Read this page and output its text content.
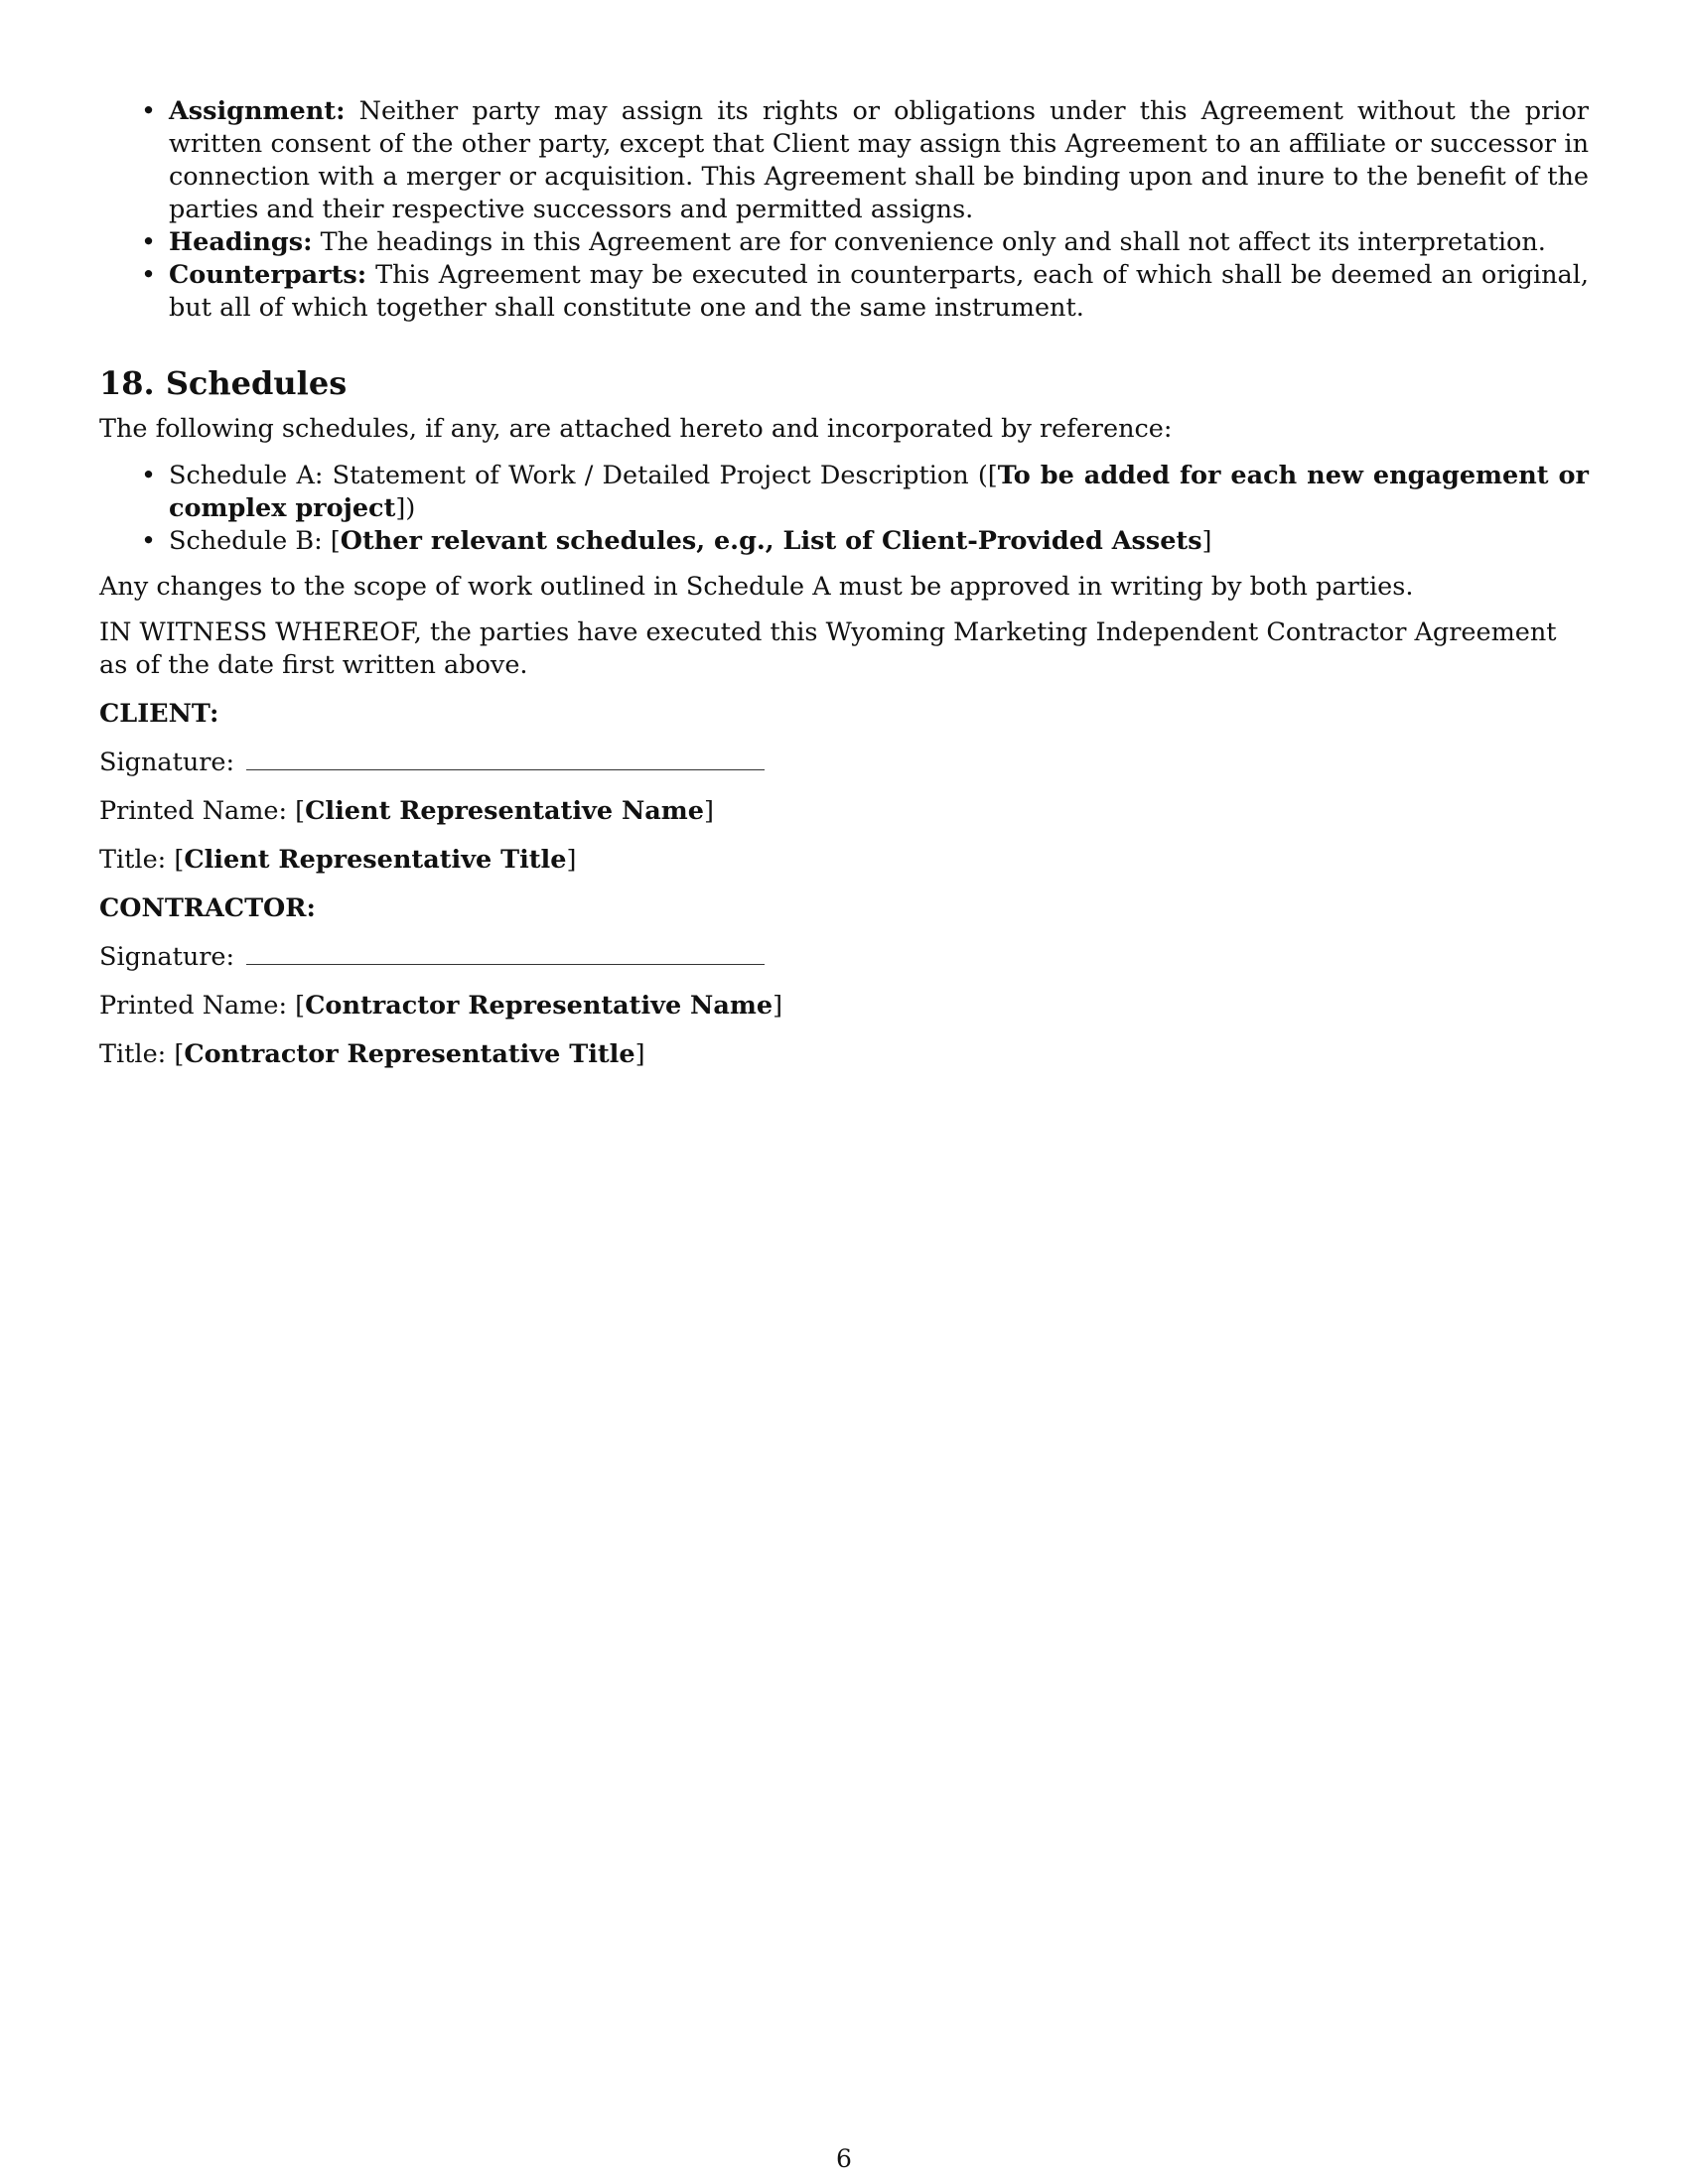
• Assignment: Neither party may assign its rights or obligations under this Agreement without the prior written consent of the other party, except that Client may assign this Agreement to an affiliate or successor in connection with a merger or acquisition. This Agreement shall be binding upon and inure to the benefit of the parties and their respective successors and permitted assigns.
• Headings: The headings in this Agreement are for convenience only and shall not affect its interpretation.
• Counterparts: This Agreement may be executed in counterparts, each of which shall be deemed an original, but all of which together shall constitute one and the same instrument.
18. Schedules

The following schedules, if any, are attached hereto and incorporated by reference:

• Schedule A: Statement of Work / Detailed Project Description ([To be added for each new engagement or complex project])
• Schedule B: [Other relevant schedules, e.g., List of Client-Provided Assets]

Any changes to the scope of work outlined in Schedule A must be approved in writing by both parties.

IN WITNESS WHEREOF, the parties have executed this Wyoming Marketing Independent Contractor Agreement as of the date first written above.

CLIENT:

Signature:

Printed Name: [Client Representative Name]

Title: [Client Representative Title]

CONTRACTOR:

Signature:

Printed Name: [Contractor Representative Name]

Title: [Contractor Representative Title]

6
